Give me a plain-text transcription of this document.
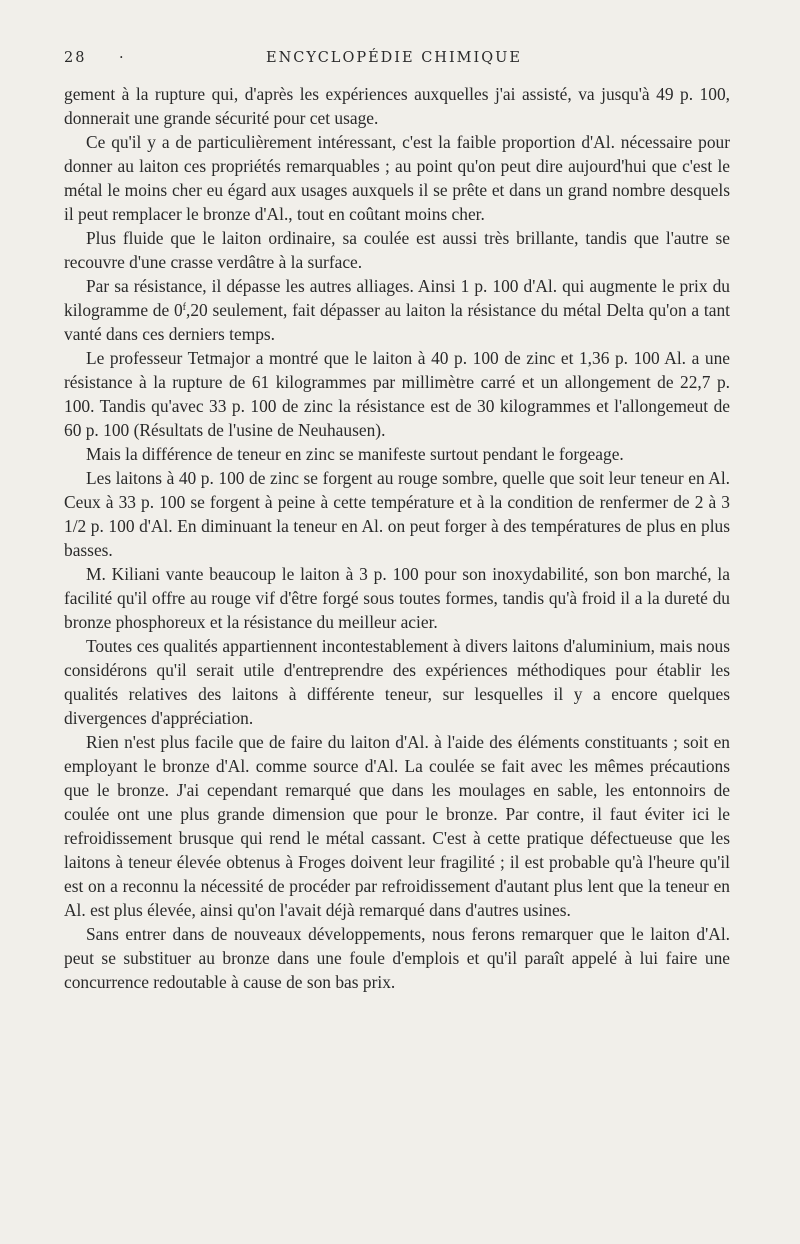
28 ·	ENCYCLOPÉDIE CHIMIQUE

gement à la rupture qui, d'après les expériences auxquelles j'ai assisté, va jusqu'à 49 p. 100, donnerait une grande sécurité pour cet usage.

Ce qu'il y a de particulièrement intéressant, c'est la faible proportion d'Al. nécessaire pour donner au laiton ces propriétés remarquables ; au point qu'on peut dire aujourd'hui que c'est le métal le moins cher eu égard aux usages auxquels il se prête et dans un grand nombre desquels il peut remplacer le bronze d'Al., tout en coûtant moins cher.

Plus fluide que le laiton ordinaire, sa coulée est aussi très brillante, tandis que l'autre se recouvre d'une crasse verdâtre à la surface.

Par sa résistance, il dépasse les autres alliages. Ainsi 1 p. 100 d'Al. qui augmente le prix du kilogramme de 0$^f$,20 seulement, fait dépasser au laiton la résistance du métal Delta qu'on a tant vanté dans ces derniers temps.

Le professeur Tetmajor a montré que le laiton à 40 p. 100 de zinc et 1,36 p. 100 Al. a une résistance à la rupture de 61 kilogrammes par millimètre carré et un allongement de 22,7 p. 100. Tandis qu'avec 33 p. 100 de zinc la résistance est de 30 kilogrammes et l'allongemeut de 60 p. 100 (Résultats de l'usine de Neuhausen).

Mais la différence de teneur en zinc se manifeste surtout pendant le forgeage.

Les laitons à 40 p. 100 de zinc se forgent au rouge sombre, quelle que soit leur teneur en Al. Ceux à 33 p. 100 se forgent à peine à cette température et à la condition de renfermer de 2 à 3 1/2 p. 100 d'Al. En diminuant la teneur en Al. on peut forger à des températures de plus en plus basses.

M. Kiliani vante beaucoup le laiton à 3 p. 100 pour son inoxydabilité, son bon marché, la facilité qu'il offre au rouge vif d'être forgé sous toutes formes, tandis qu'à froid il a la dureté du bronze phosphoreux et la résistance du meilleur acier.

Toutes ces qualités appartiennent incontestablement à divers laitons d'aluminium, mais nous considérons qu'il serait utile d'entreprendre des expériences méthodiques pour établir les qualités relatives des laitons à différente teneur, sur lesquelles il y a encore quelques divergences d'appréciation.

Rien n'est plus facile que de faire du laiton d'Al. à l'aide des éléments constituants ; soit en employant le bronze d'Al. comme source d'Al. La coulée se fait avec les mêmes précautions que le bronze. J'ai cependant remarqué que dans les moulages en sable, les entonnoirs de coulée ont une plus grande dimension que pour le bronze. Par contre, il faut éviter ici le refroidissement brusque qui rend le métal cassant. C'est à cette pratique défectueuse que les laitons à teneur élevée obtenus à Froges doivent leur fragilité ; il est probable qu'à l'heure qu'il est on a reconnu la nécessité de procéder par refroidissement d'autant plus lent que la teneur en Al. est plus élevée, ainsi qu'on l'avait déjà remarqué dans d'autres usines.

Sans entrer dans de nouveaux développements, nous ferons remarquer que le laiton d'Al. peut se substituer au bronze dans une foule d'emplois et qu'il paraît appelé à lui faire une concurrence redoutable à cause de son bas prix.
